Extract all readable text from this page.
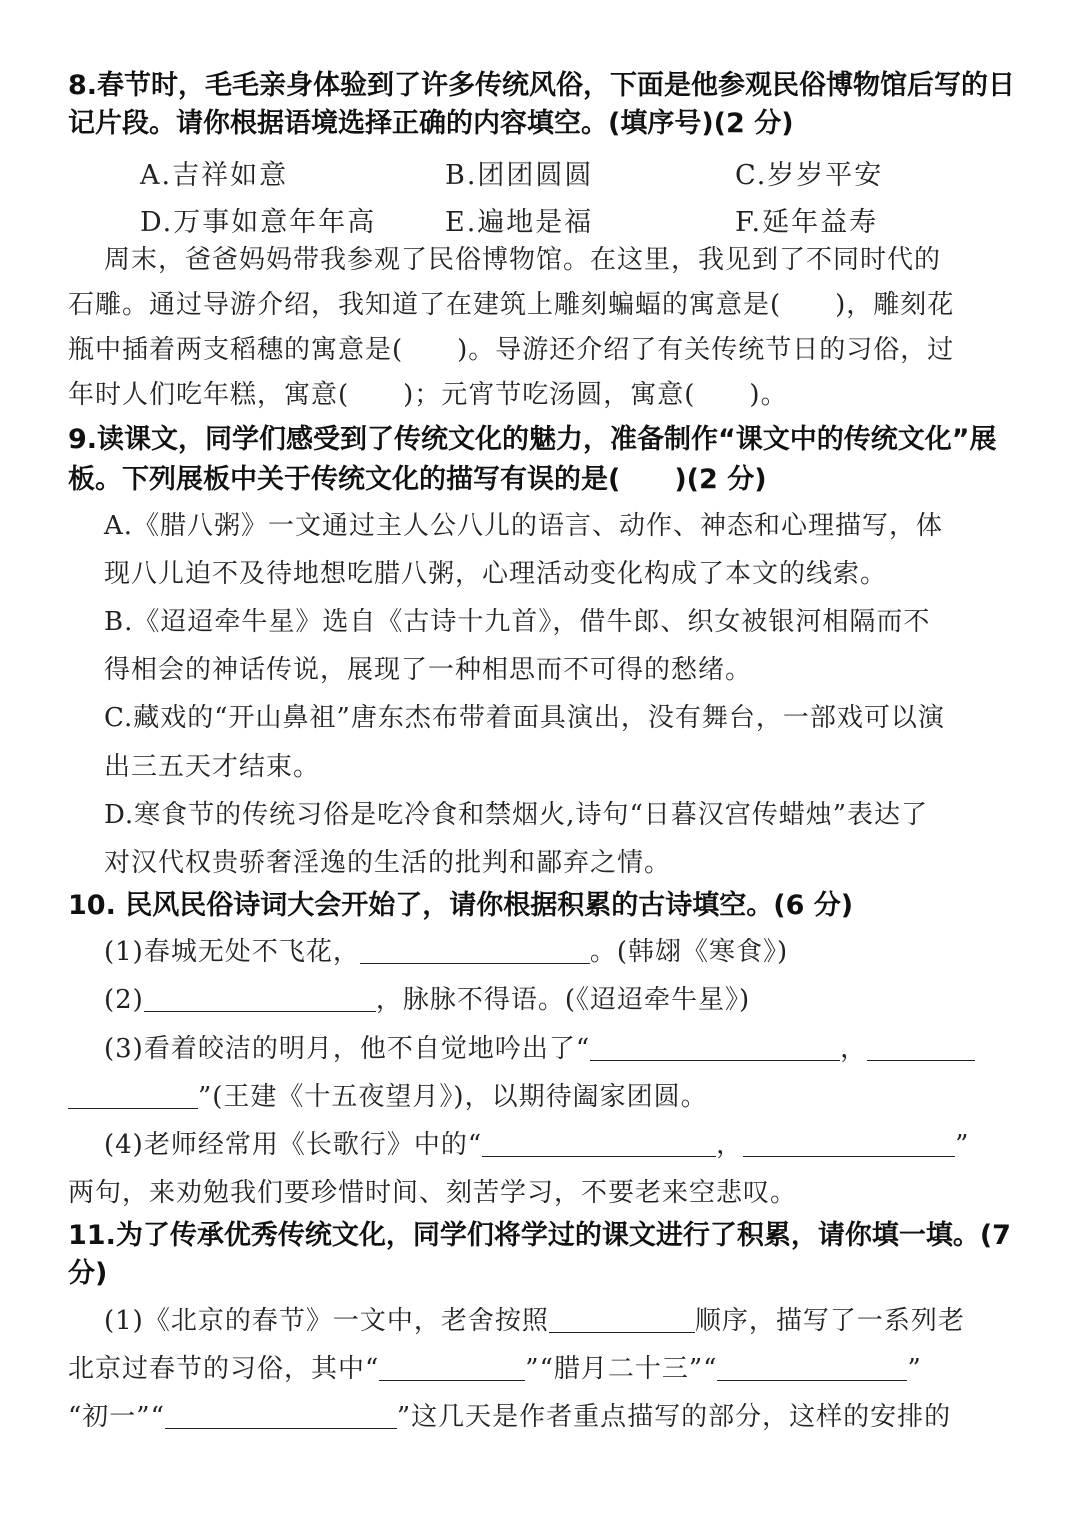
8.春节时，毛毛亲身体验到了许多传统风俗，下面是他参观民俗博物馆后写的日
记片段。请你根据语境选择正确的内容填空。(填序号)(2 分)
A.吉祥如意	B.团团圆圆	C.岁岁平安
D.万事如意年年高	E.遍地是福	F.延年益寿
周末，爸爸妈妈带我参观了民俗博物馆。在这里，我见到了不同时代的
石雕。通过导游介绍，我知道了在建筑上雕刻蝙蝠的寓意是(　　)，雕刻花
瓶中插着两支稻穗的寓意是(　　)。导游还介绍了有关传统节日的习俗，过
年时人们吃年糕，寓意(　　)；元宵节吃汤圆，寓意(　　)。
9.读课文，同学们感受到了传统文化的魅力，准备制作“课文中的传统文化”展
板。下列展板中关于传统文化的描写有误的是(　　)(2 分)
A.《腊八粥》一文通过主人公八儿的语言、动作、神态和心理描写，体
现八儿迫不及待地想吃腊八粥，心理活动变化构成了本文的线索。
B.《迢迢牵牛星》选自《古诗十九首》，借牛郎、织女被银河相隔而不
得相会的神话传说，展现了一种相思而不可得的愁绪。
C.藏戏的“开山鼻祖”唐东杰布带着面具演出，没有舞台，一部戏可以演
出三五天才结束。
D.寒食节的传统习俗是吃冷食和禁烟火,诗句“日暮汉宫传蜡烛”表达了
对汉代权贵骄奢淫逸的生活的批判和鄙弃之情。
10. 民风民俗诗词大会开始了，请你根据积累的古诗填空。(6 分)
(1)春城无处不飞花，	。(韩翃《寒食》)
(2)	，脉脉不得语。(《迢迢牵牛星》)
(3)看着皎洁的明月，他不自觉地吟出了“	，
”(王建《十五夜望月》)，以期待阖家团圆。
(4)老师经常用《长歌行》中的“	，	”
两句，来劝勉我们要珍惜时间、刻苦学习，不要老来空悲叹。
11.为了传承优秀传统文化，同学们将学过的课文进行了积累，请你填一填。(7
分)
(1)《北京的春节》一文中，老舍按照	顺序，描写了一系列老
北京过春节的习俗，其中“	”“腊月二十三”“	”
“初一”“	”这几天是作者重点描写的部分，这样的安排的
